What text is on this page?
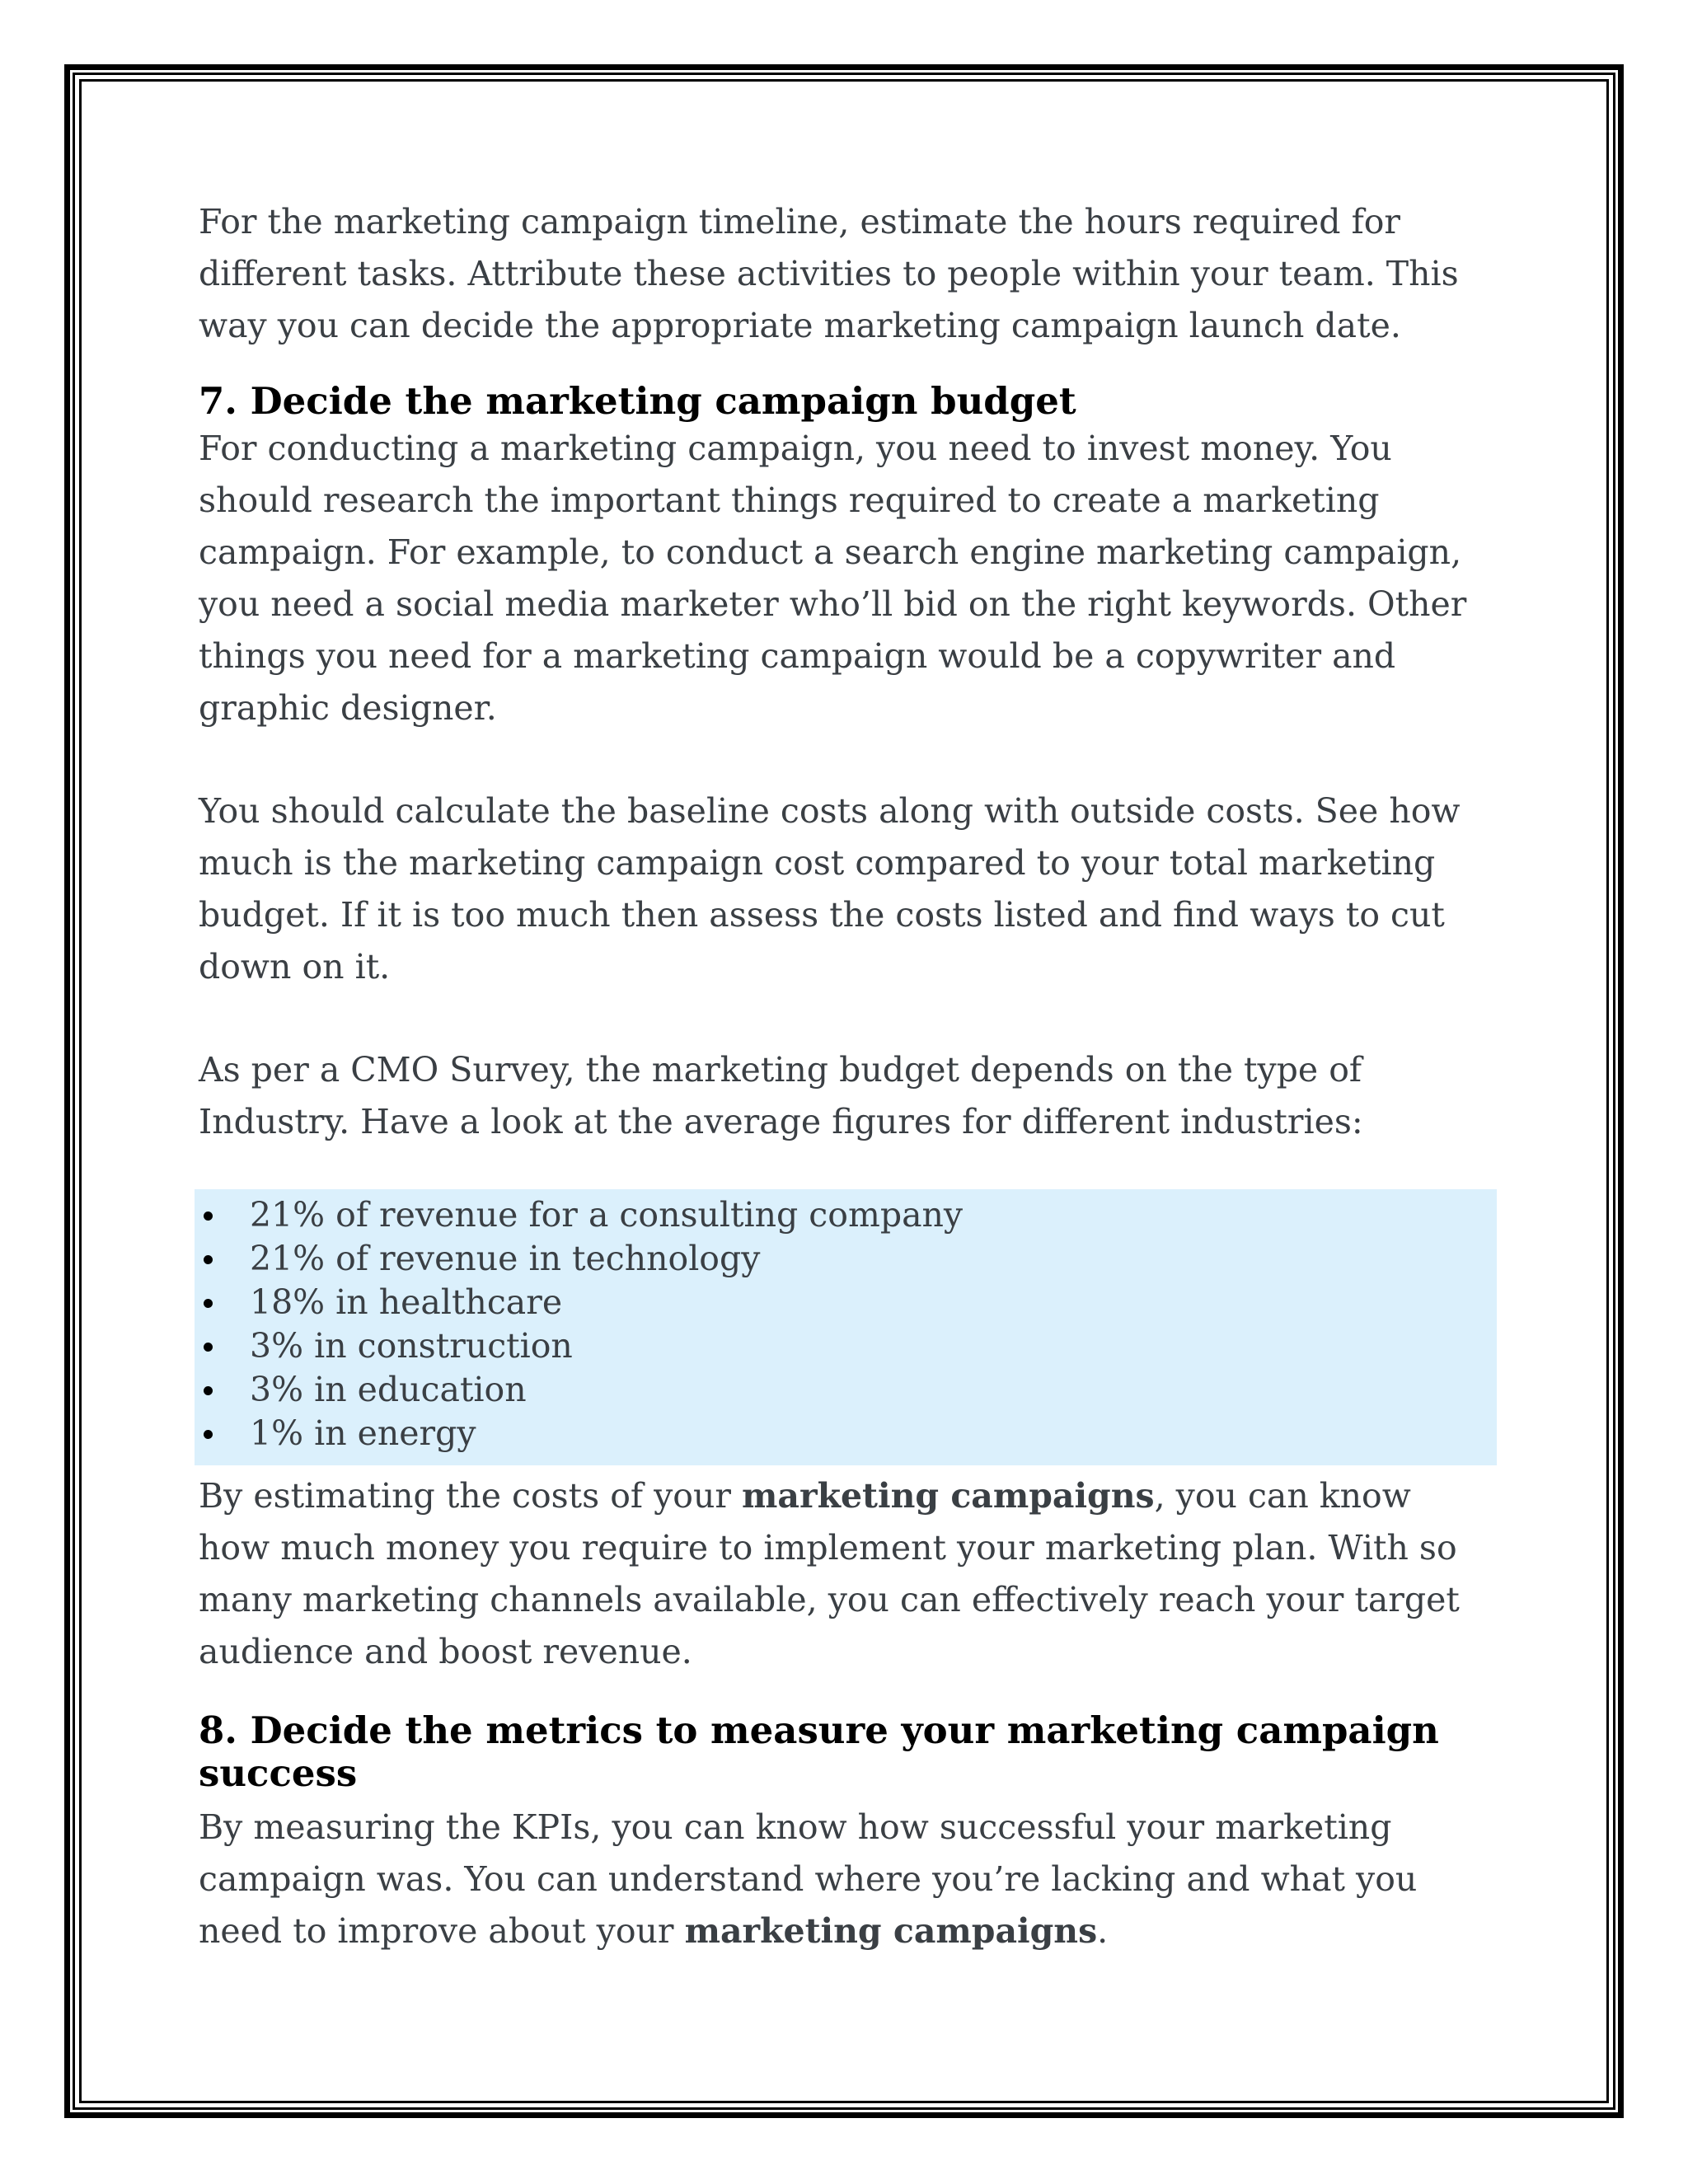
For the marketing campaign timeline, estimate the hours required for different tasks. Attribute these activities to people within your team. This way you can decide the appropriate marketing campaign launch date.

7. Decide the marketing campaign budget

For conducting a marketing campaign, you need to invest money. You should research the important things required to create a marketing campaign. For example, to conduct a search engine marketing campaign, you need a social media marketer who’ll bid on the right keywords. Other things you need for a marketing campaign would be a copywriter and graphic designer.

You should calculate the baseline costs along with outside costs. See how much is the marketing campaign cost compared to your total marketing budget. If it is too much then assess the costs listed and find ways to cut down on it.

As per a CMO Survey, the marketing budget depends on the type of Industry. Have a look at the average figures for different industries:

21% of revenue for a consulting company
21% of revenue in technology
18% in healthcare
3% in construction
3% in education
1% in energy

By estimating the costs of your marketing campaigns, you can know how much money you require to implement your marketing plan. With so many marketing channels available, you can effectively reach your target audience and boost revenue.

8. Decide the metrics to measure your marketing campaign success

By measuring the KPIs, you can know how successful your marketing campaign was. You can understand where you’re lacking and what you need to improve about your marketing campaigns.
